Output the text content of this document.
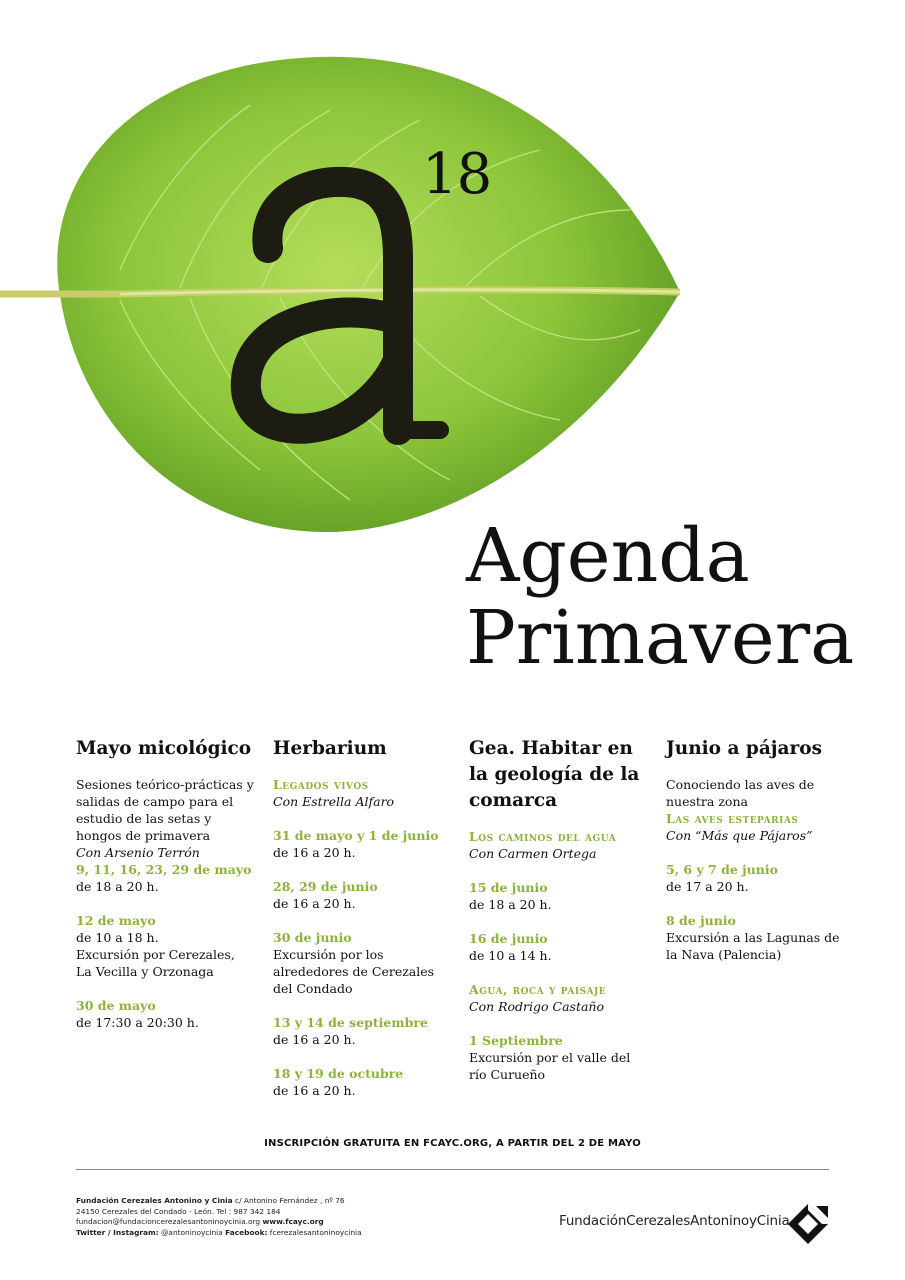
18
Agenda
Primavera
Mayo micológico

Sesiones teórico-prácticas y salidas de campo para el estudio de las setas y hongos de primavera

Con Arsenio Terrón

9, 11, 16, 23, 29 de mayo

de 18 a 20 h.

12 de mayo

de 10 a 18 h.

Excursión por Cerezales, La Vecilla y Orzonaga

30 de mayo

de 17:30 a 20:30 h.

Herbarium

Legados vivos

Con Estrella Alfaro

31 de mayo y 1 de junio

de 16 a 20 h.

28, 29 de junio

de 16 a 20 h.

30 de junio

Excursión por los alrededores de Cerezales del Condado

13 y 14 de septiembre

de 16 a 20 h.

18 y 19 de octubre

de 16 a 20 h.

Gea. Habitar en la geología de la comarca

Los caminos del agua

Con Carmen Ortega

15 de junio

de 18 a 20 h.

16 de junio

de 10 a 14 h.

Agua, roca y paisaje

Con Rodrigo Castaño

1 Septiembre

Excursión por el valle del río Curueño

Junio a pájaros

Conociendo las aves de nuestra zona

Las aves esteparias

Con “Más que Pájaros”

5, 6 y 7 de junio

de 17 a 20 h.

8 de junio

Excursión a las Lagunas de la Nava (Palencia)

INSCRIPCIÓN GRATUITA EN FCAYC.ORG, A PARTIR DEL 2 DE MAYO
Fundación Cerezales Antonino y Cinia c/ Antonino Fernández , nº 76
24150 Cerezales del Condado - León. Tel : 987 342 184
fundacion@fundacioncerezalesantoninoycinia.org www.fcayc.org
Twitter / Instagram: @antoninoycinia Facebook: fcerezalesantoninoycinia
FundaciónCerezalesAntoninoyCinia
